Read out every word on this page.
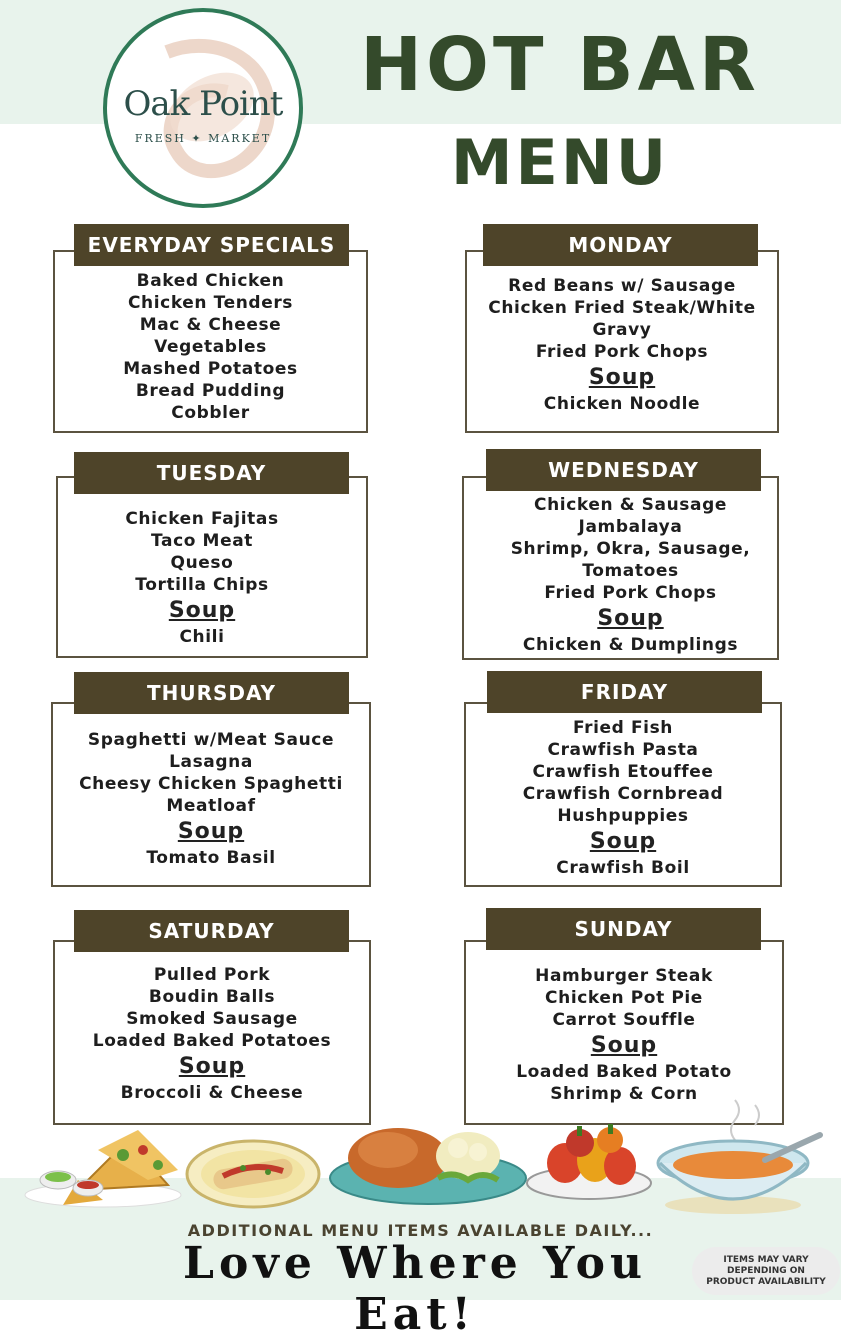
Oak Point
FRESH ✦ MARKET
HOT BAR
MENU
EVERYDAY SPECIALS
Baked Chicken
Chicken Tenders
Mac & Cheese
Vegetables
Mashed Potatoes
Bread Pudding
Cobbler
MONDAY
Red Beans w/ Sausage
Chicken Fried Steak/White
Gravy
Fried Pork Chops
Soup
Chicken Noodle
TUESDAY
Chicken Fajitas
Taco Meat
Queso
Tortilla Chips
Soup
Chili
WEDNESDAY
Chicken & Sausage
Jambalaya
Shrimp, Okra, Sausage,
Tomatoes
Fried Pork Chops
Soup
Chicken & Dumplings
THURSDAY
Spaghetti w/Meat Sauce
Lasagna
Cheesy Chicken Spaghetti
Meatloaf
Soup
Tomato Basil
FRIDAY
Fried Fish
Crawfish Pasta
Crawfish Etouffee
Crawfish Cornbread
Hushpuppies
Soup
Crawfish Boil
SATURDAY
Pulled Pork
Boudin Balls
Smoked Sausage
Loaded Baked Potatoes
Soup
Broccoli & Cheese
SUNDAY
Hamburger Steak
Chicken Pot Pie
Carrot Souffle
Soup
Loaded Baked Potato
Shrimp & Corn
ADDITIONAL MENU ITEMS AVAILABLE DAILY...
Love Where You Eat!
ITEMS MAY VARY
DEPENDING ON
PRODUCT AVAILABILITY
